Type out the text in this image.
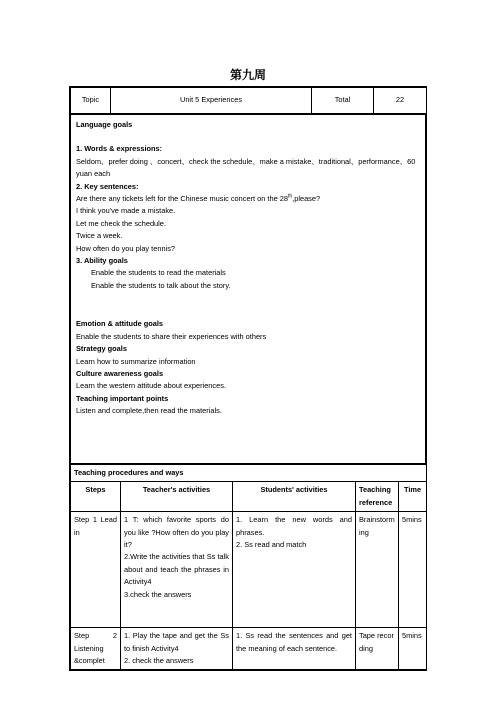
第九周
Topic	Unit 5 Experiences	Total	22

Language goals

1. Words & expressions:

Seldom、prefer doing 、concert、check the schedule、make a mistake、traditional、performance、60 yuan each

2. Key sentences:

Are there any tickets left for the Chinese music concert on the 28th,please?

I think you've made a mistake.

Let me check the schedule.

Twice a week.

How often do you play tennis?

3. Ability goals

Enable the students to read the materials

Enable the students to talk about the story.

Emotion & attitude goals

Enable the students to share their experiences with others

Strategy goals

Learn how to summarize information

Culture awareness goals

Learn the western attitude about experiences.

Teaching important points

Listen and complete,then read the materials.

Teaching procedures and ways				
Steps	Teacher's activities	Students' activities	Teaching reference	Time
Step 1 Lead in	1 T: which favorite sports do you like ?How often do you play it?
2.Write the activities that Ss talk about and teach the phrases in Activity4
3.check the answers	1. Learn the new words and phrases.
2. Ss read and match	Brainstorming	5mins
Step 2 Listening &complet	1. Play the tape and get the Ss to finish Activity4
2. check the answers	1. Ss read the sentences and get the meaning of each sentence.	Tape recording	5mins
